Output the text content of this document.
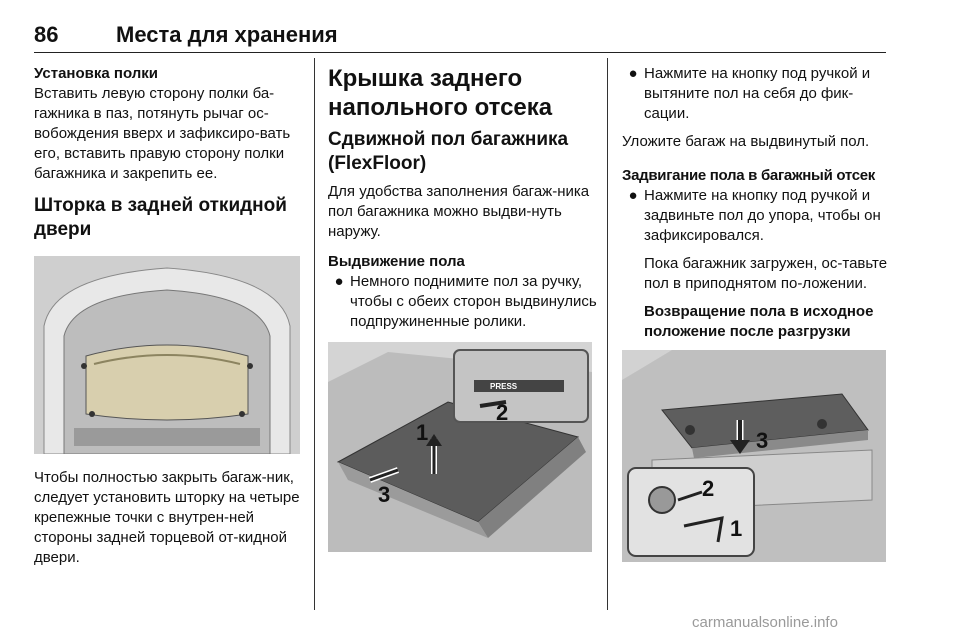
86	Места для хранения

Установка полки

Вставить левую сторону полки ба-гажника в паз, потянуть рычаг ос-вобождения вверх и зафиксиро-вать его, вставить правую сторону полки багажника и закрепить ее.

Шторка в задней откидной двери

Чтобы полностью закрыть багаж-ник, следует установить шторку на четыре крепежные точки с внутрен-ней стороны задней торцевой от-кидной двери.

Крышка заднего напольного отсека

Сдвижной пол багажника (FlexFloor)

Для удобства заполнения багаж-ника пол багажника можно выдви-нуть наружу.

Выдвижение пола

● Немного поднимите пол за ручку, чтобы с обеих сторон выдвинулись подпружиненные ролики.
PRESS
1
2
3
● Нажмите на кнопку под ручкой и вытяните пол на себя до фик-сации.

Уложите багаж на выдвинутый пол.

Задвигание пола в багажный отсек

● Нажмите на кнопку под ручкой и задвиньте пол до упора, чтобы он зафиксировался.

Пока багажник загружен, ос-тавьте пол в приподнятом по-ложении.

Возвращение пола в исходное положение после разгрузки

3
2
1
carmanualsonline.info
